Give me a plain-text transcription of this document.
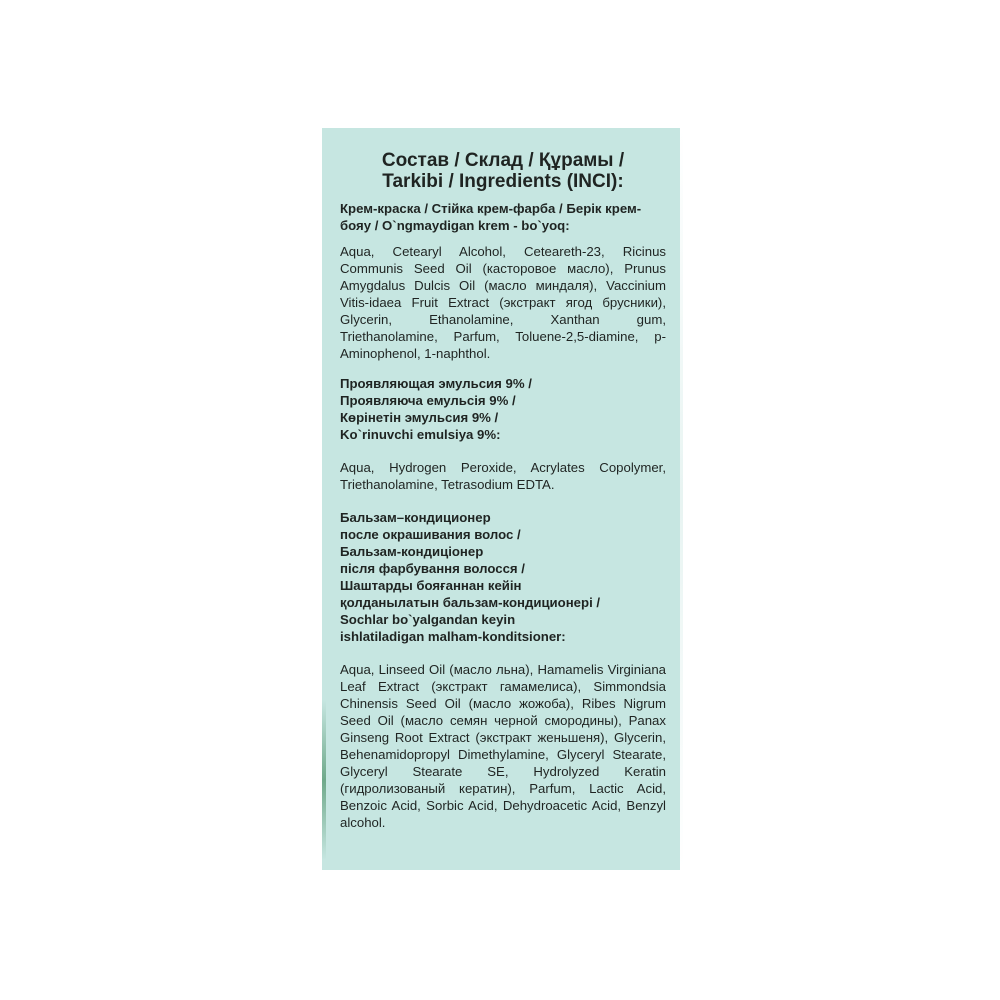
Состав / Склад / Құрамы /
Tarkibi / Ingredients (INCI):

Крем-краска / Стійка крем-фарба / Берік крем-бояу / O`ngmaydigan krem - bo`yoq:

Aqua, Cetearyl Alcohol, Ceteareth-23, Ricinus Communis Seed Oil (касторовое масло), Prunus Amygdalus Dulcis Oil (масло миндаля), Vaccinium Vitis-idaea Fruit Extract (экстракт ягод брусники), Glycerin, Ethanolamine, Xanthan gum, Triethanolamine, Parfum, Toluene-2,5-diamine, p-Aminophenol, 1-naphthol.

Проявляющая эмульсия 9% /
Проявляюча емульсія 9% /
Көрінетін эмульсия 9% /
Ko`rinuvchi emulsiya 9%:

Aqua, Hydrogen Peroxide, Acrylates Copolymer, Triethanolamine, Tetrasodium EDTA.

Бальзам–кондиционер
после окрашивания волос /
Бальзам-кондиціонер
після фарбування волосся /
Шаштарды бояғаннан кейін
қолданылатын бальзам-кондиционері /
Sochlar bo`yalgandan keyin
ishlatiladigan malham-konditsioner:

Aqua, Linseed Oil (масло льна), Hamamelis Virginiana Leaf Extract (экстракт гамамелиса), Simmondsia Chinensis Seed Oil (масло жожоба), Ribes Nigrum Seed Oil (масло семян черной смородины), Panax Ginseng Root Extract (экстракт женьшеня), Glycerin, Behenamidopropyl Dimethylamine, Glyceryl Stearate, Glyceryl Stearate SE, Hydrolyzed Keratin (гидролизованый кератин), Parfum, Lactic Acid, Benzoic Acid, Sorbic Acid, Dehydroacetic Acid, Benzyl alcohol.
